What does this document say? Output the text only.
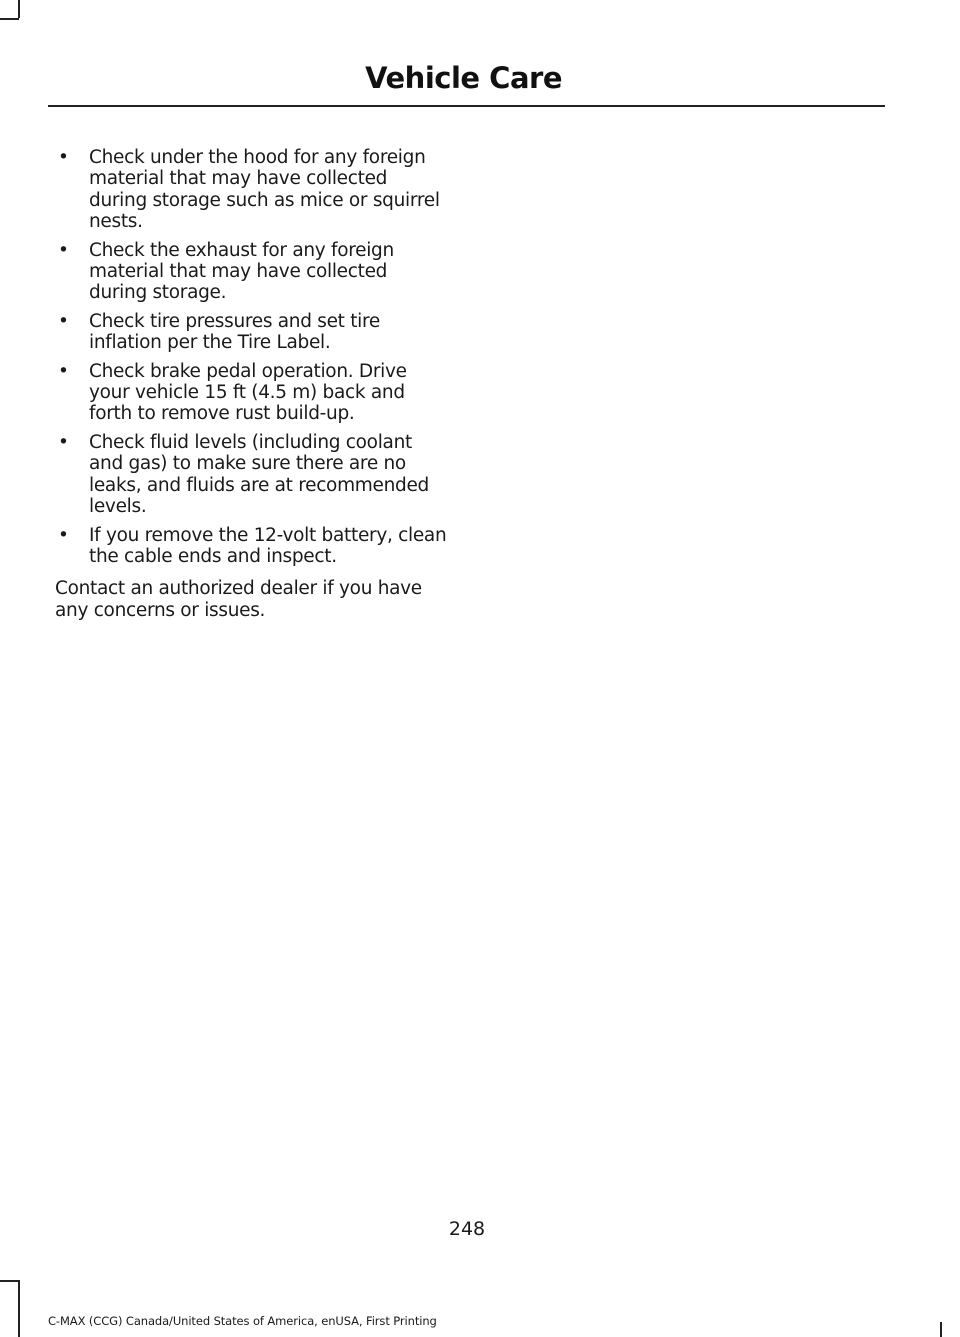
Vehicle Care
• Check under the hood for any foreign material that may have collected during storage such as mice or squirrel nests.
• Check the exhaust for any foreign material that may have collected during storage.
• Check tire pressures and set tire inflation per the Tire Label.
• Check brake pedal operation. Drive your vehicle 15 ft (4.5 m) back and forth to remove rust build-up.
• Check fluid levels (including coolant and gas) to make sure there are no leaks, and fluids are at recommended levels.
• If you remove the 12-volt battery, clean the cable ends and inspect.

Contact an authorized dealer if you have any concerns or issues.

248

C-MAX (CCG) Canada/United States of America, enUSA, First Printing
